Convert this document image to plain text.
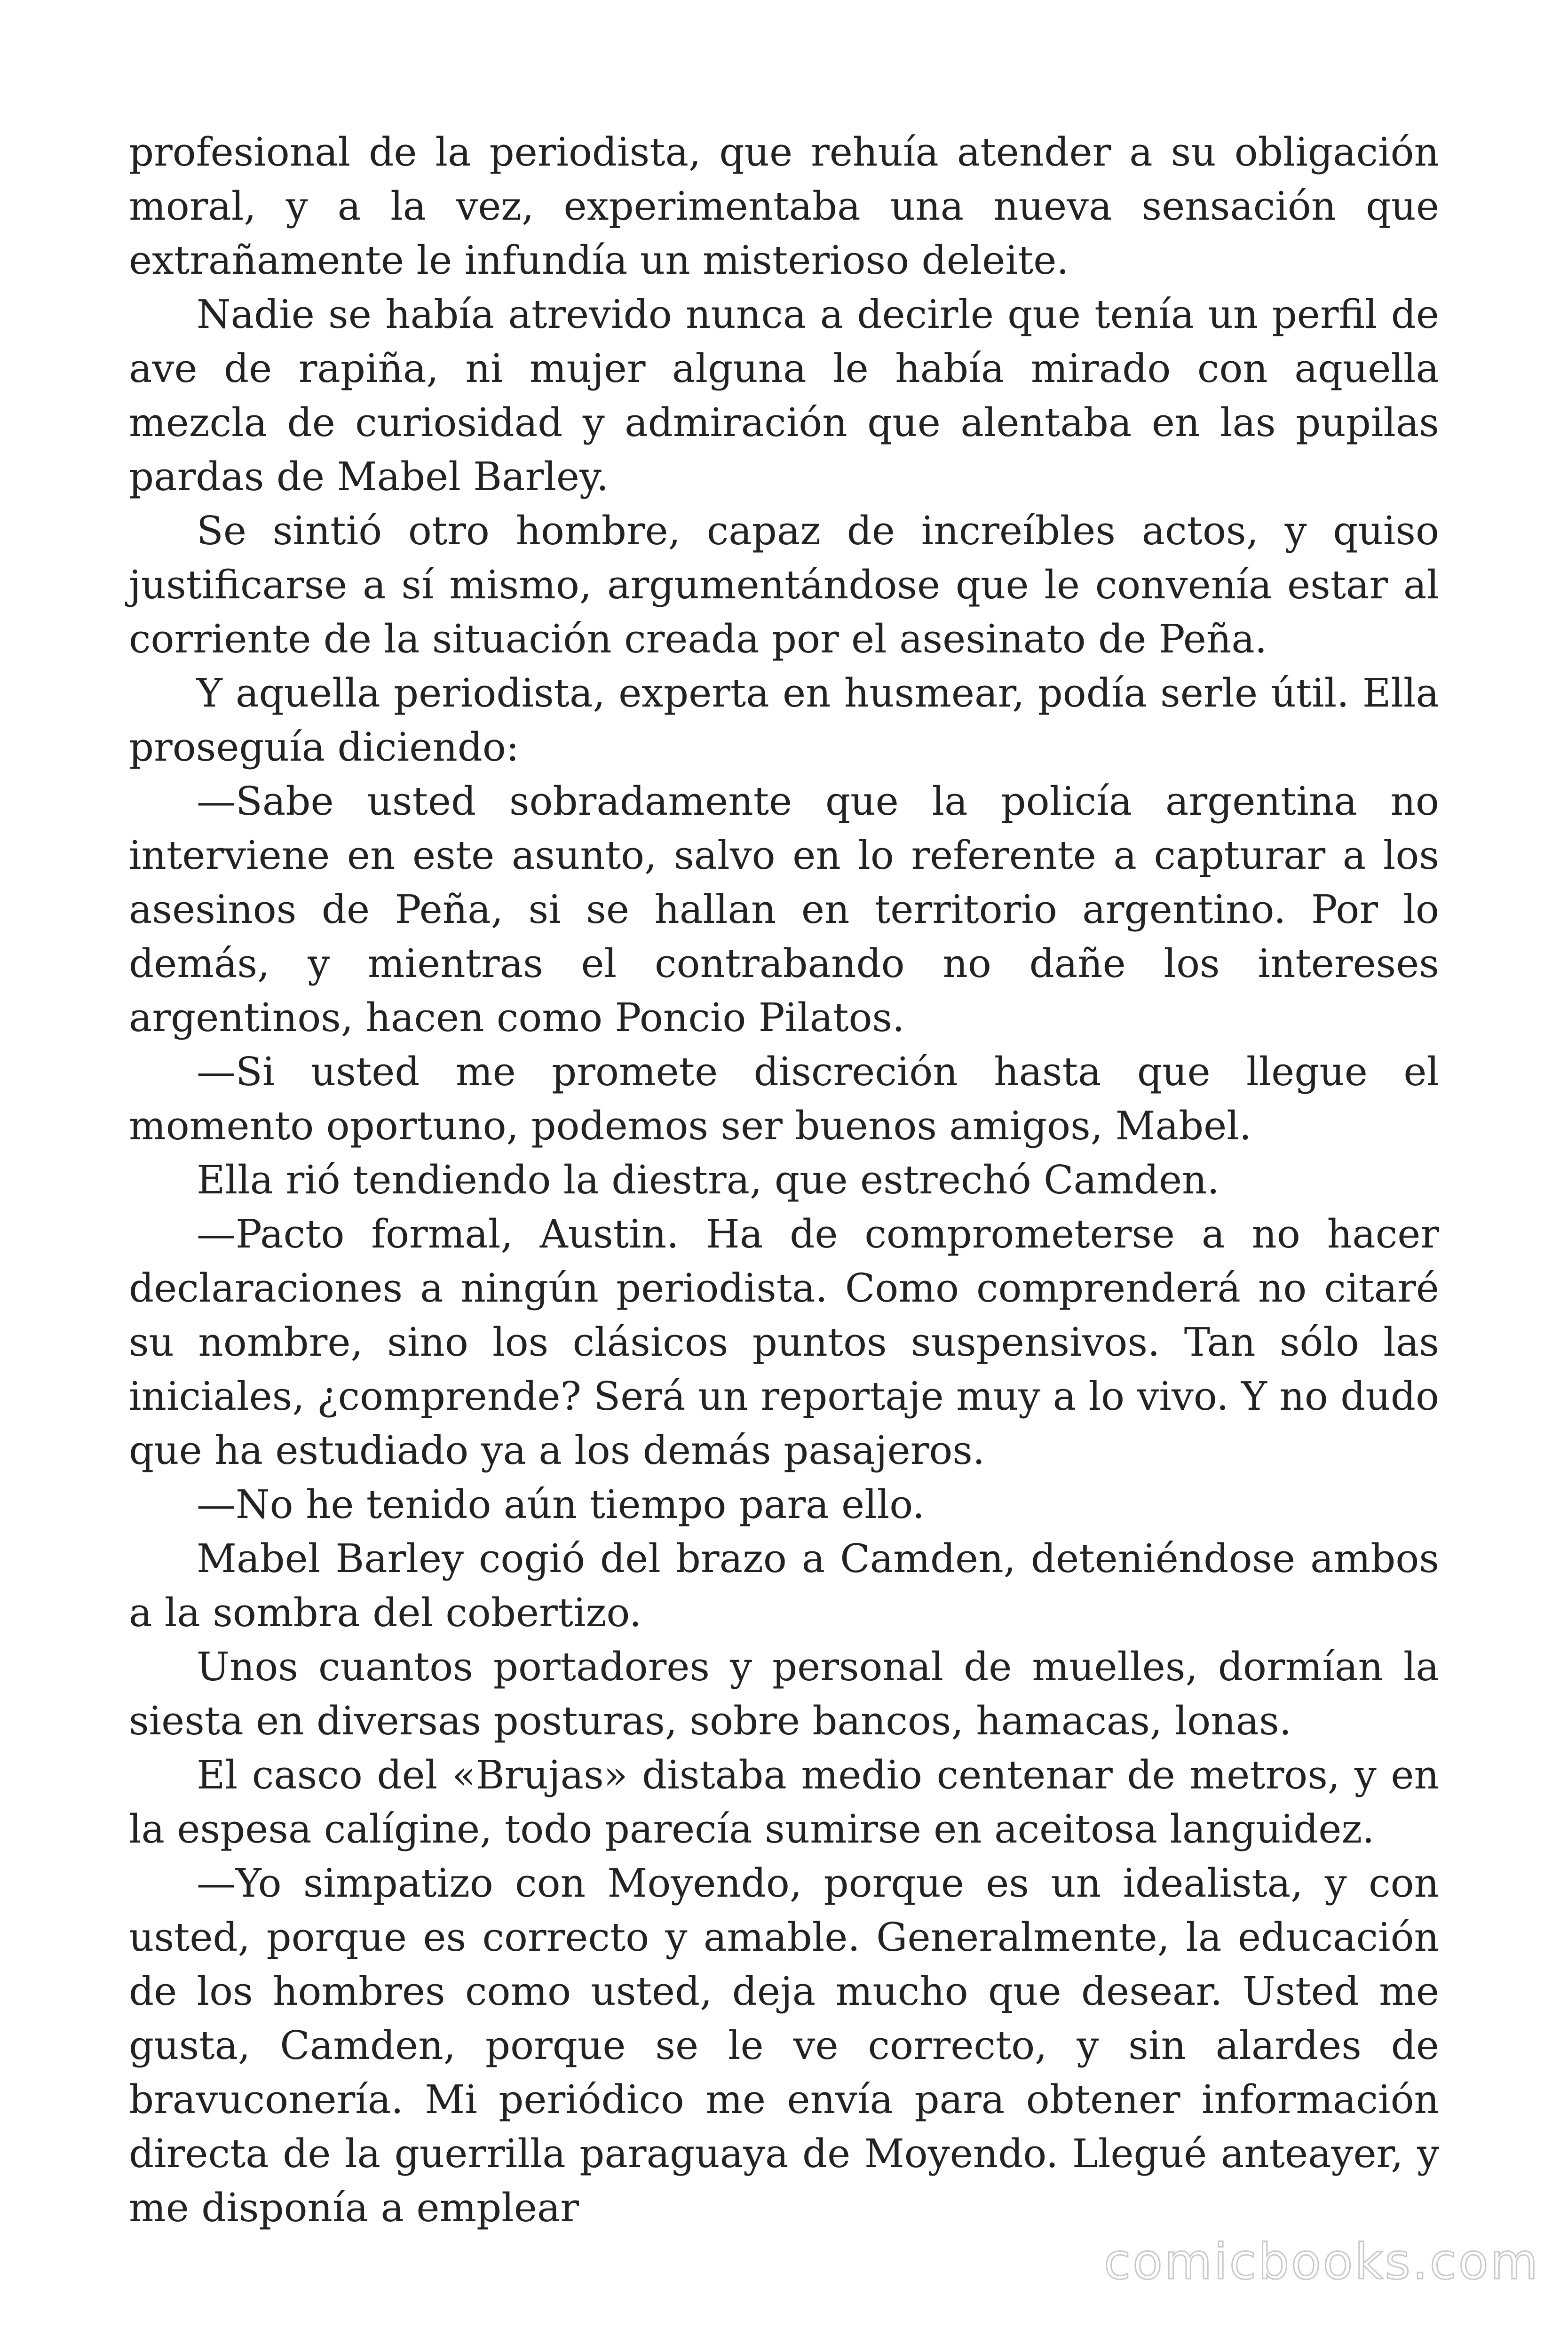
profesional de la periodista, que rehuía atender a su obligación moral, y a la vez, experimentaba una nueva sensación que extrañamente le infundía un misterioso deleite.

Nadie se había atrevido nunca a decirle que tenía un perfil de ave de rapiña, ni mujer alguna le había mirado con aquella mezcla de curiosidad y admiración que alentaba en las pupilas pardas de Mabel Barley.

Se sintió otro hombre, capaz de increíbles actos, y quiso justificarse a sí mismo, argumentándose que le convenía estar al corriente de la situación creada por el asesinato de Peña.

Y aquella periodista, experta en husmear, podía serle útil. Ella proseguía diciendo:

—Sabe usted sobradamente que la policía argentina no interviene en este asunto, salvo en lo referente a capturar a los asesinos de Peña, si se hallan en territorio argentino. Por lo demás, y mientras el contrabando no dañe los intereses argentinos, hacen como Poncio Pilatos.

—Si usted me promete discreción hasta que llegue el momento oportuno, podemos ser buenos amigos, Mabel.

Ella rió tendiendo la diestra, que estrechó Camden.

—Pacto formal, Austin. Ha de comprometerse a no hacer declaraciones a ningún periodista. Como comprenderá no citaré su nombre, sino los clásicos puntos suspensivos. Tan sólo las iniciales, ¿comprende? Será un reportaje muy a lo vivo. Y no dudo que ha estudiado ya a los demás pasajeros.

—No he tenido aún tiempo para ello.

Mabel Barley cogió del brazo a Camden, deteniéndose ambos a la sombra del cobertizo.

Unos cuantos portadores y personal de muelles, dormían la siesta en diversas posturas, sobre bancos, hamacas, lonas.

El casco del «Brujas» distaba medio centenar de metros, y en la espesa calígine, todo parecía sumirse en aceitosa languidez.

—Yo simpatizo con Moyendo, porque es un idealista, y con usted, porque es correcto y amable. Generalmente, la educación de los hombres como usted, deja mucho que desear. Usted me gusta, Camden, porque se le ve correcto, y sin alardes de bravuconería. Mi periódico me envía para obtener información directa de la guerrilla paraguaya de Moyendo. Llegué anteayer, y me disponía a emplear

comicbooks.com
